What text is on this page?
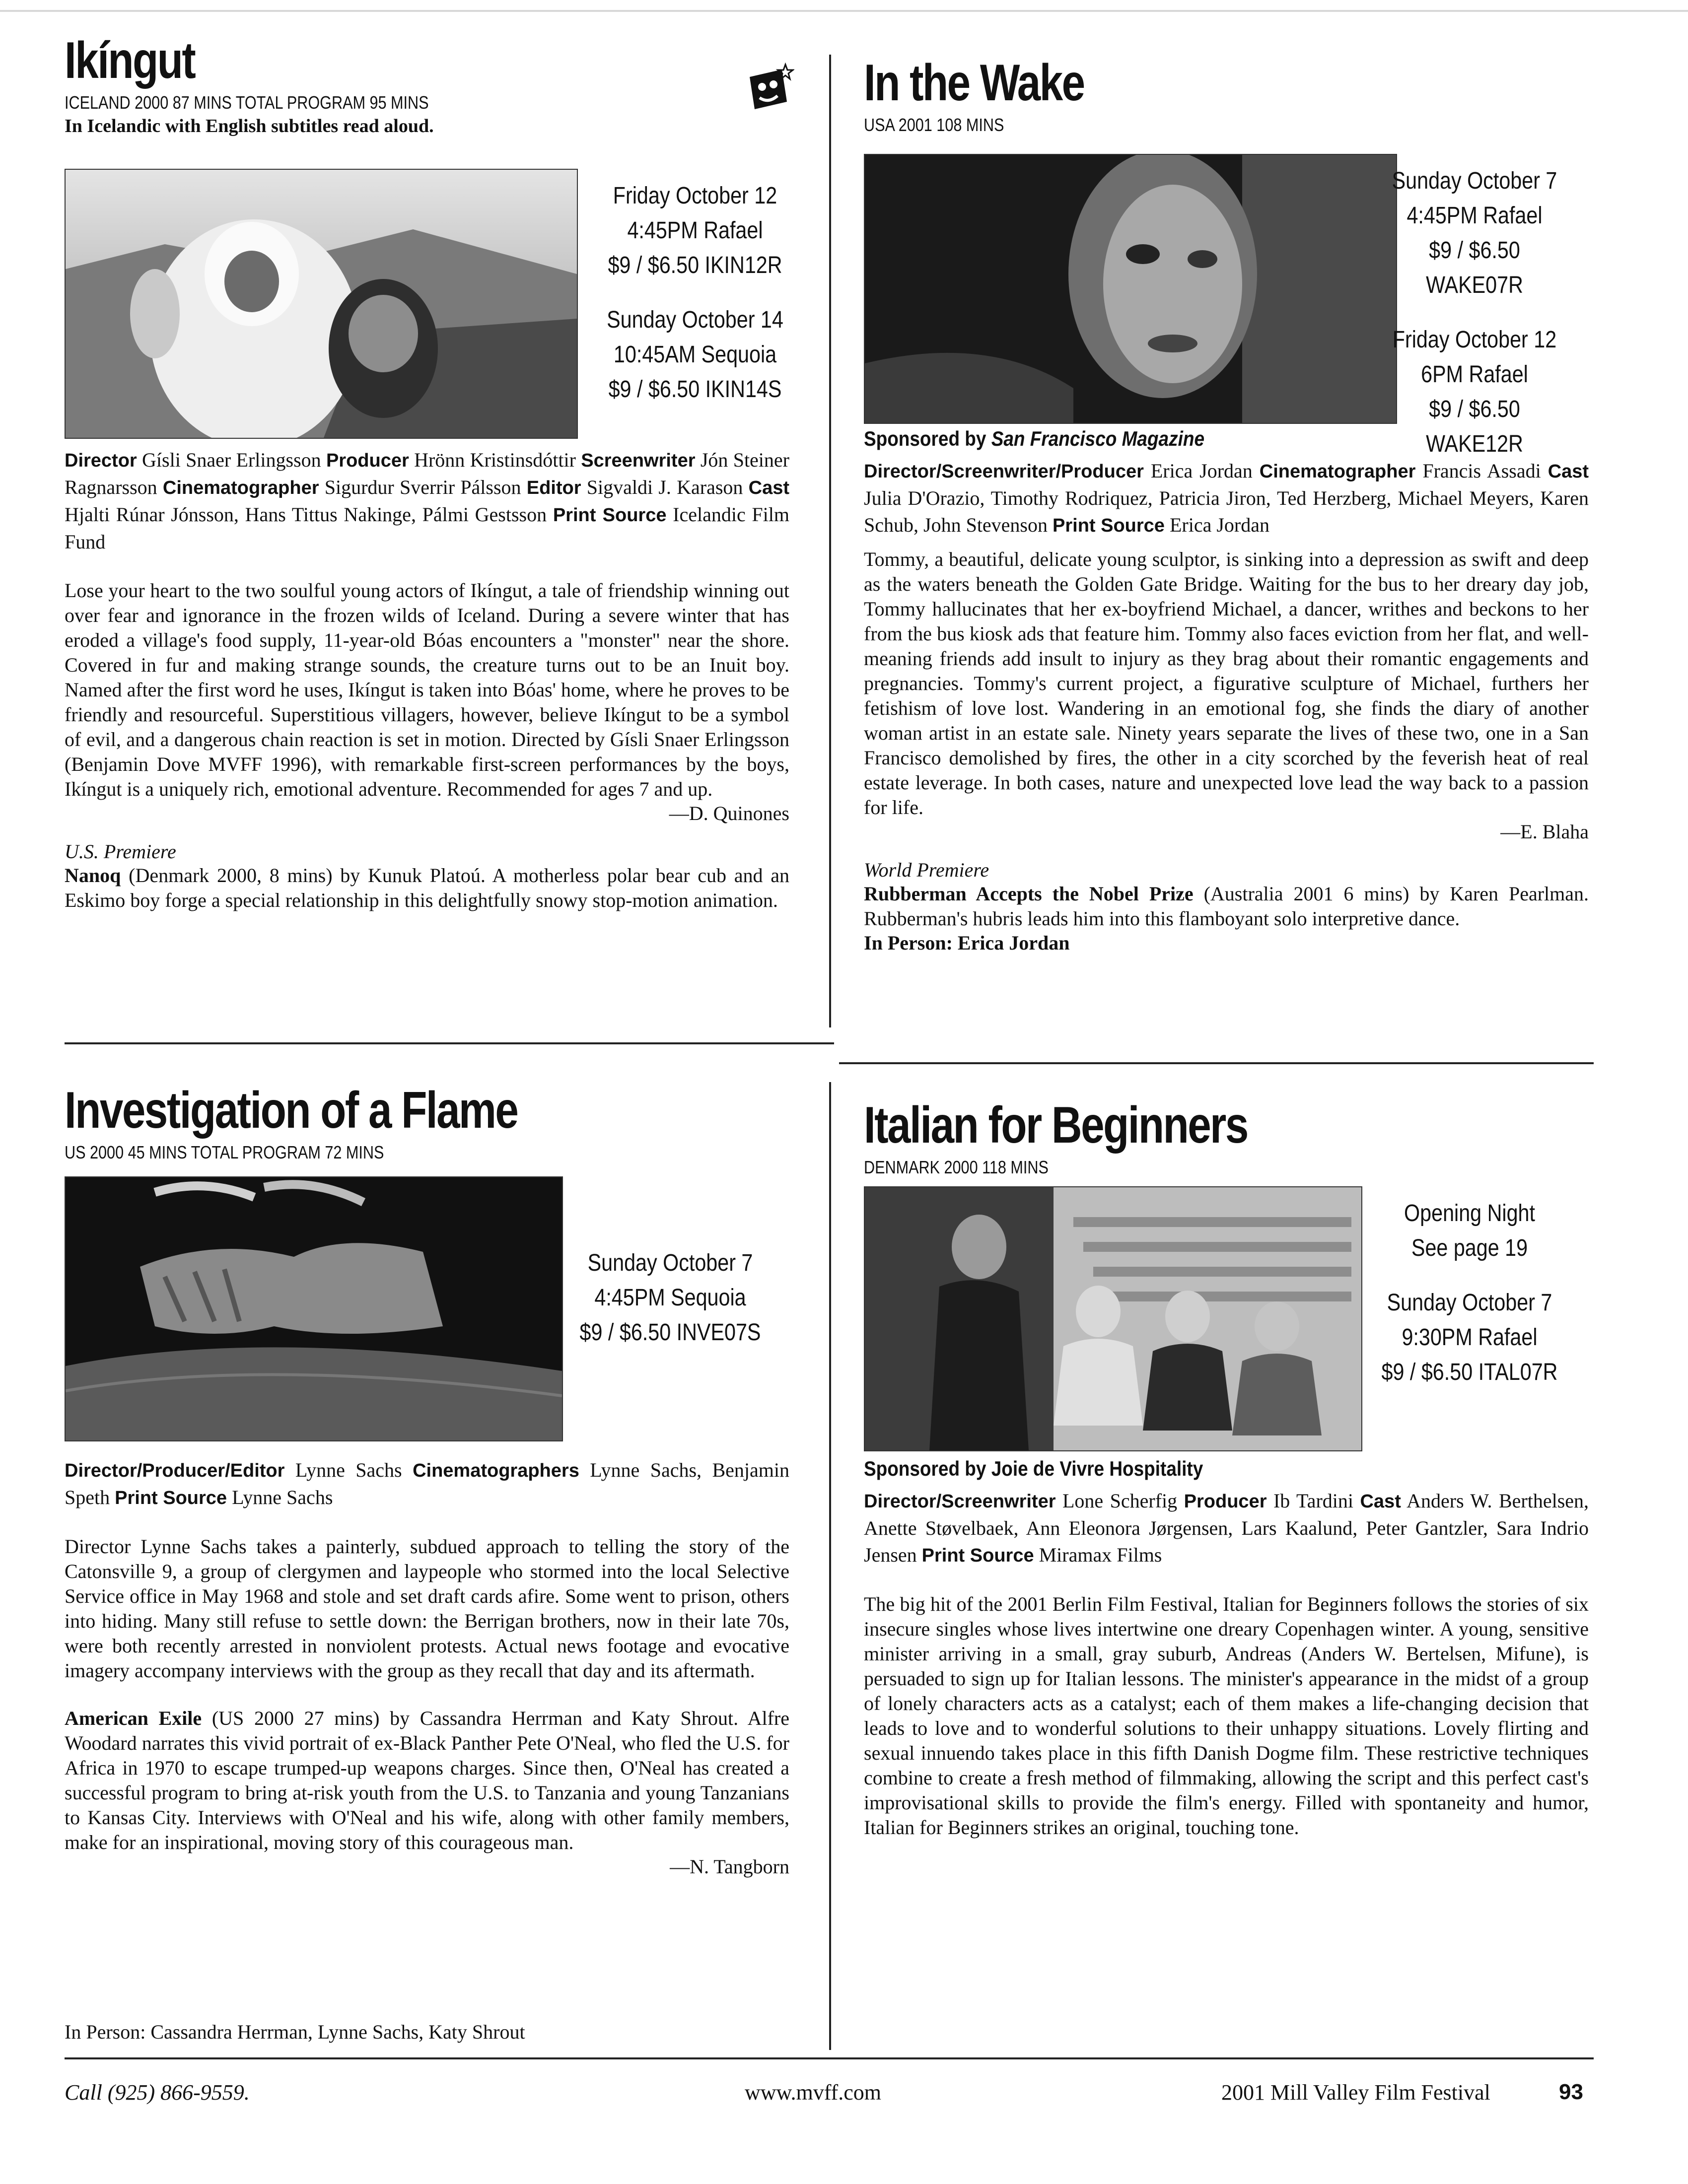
Ikíngut
ICELAND 2000 87 MINS TOTAL PROGRAM 95 MINS
In Icelandic with English subtitles read aloud.
Friday October 12
4:45PM Rafael
$9 / $6.50 IKIN12R
Sunday October 14
10:45AM Sequoia
$9 / $6.50 IKIN14S
Director Gísli Snaer Erlingsson Producer Hrönn Kristinsdóttir Screenwriter Jón Steiner Ragnarsson Cinematographer Sigurdur Sverrir Pálsson Editor Sigvaldi J. Karason Cast Hjalti Rúnar Jónsson, Hans Tittus Nakinge, Pálmi Gestsson Print Source Icelandic Film Fund

Lose your heart to the two soulful young actors of Ikíngut, a tale of friendship winning out over fear and ignorance in the frozen wilds of Iceland. During a severe winter that has eroded a village's food supply, 11-year-old Bóas encounters a "monster" near the shore. Covered in fur and making strange sounds, the creature turns out to be an Inuit boy. Named after the first word he uses, Ikíngut is taken into Bóas' home, where he proves to be friendly and resourceful. Superstitious villagers, however, believe Ikíngut to be a symbol of evil, and a dangerous chain reaction is set in motion. Directed by Gísli Snaer Erlingsson (Benjamin Dove MVFF 1996), with remarkable first-screen performances by the boys, Ikíngut is a uniquely rich, emotional adventure. Recommended for ages 7 and up.

—D. Quinones
U.S. Premiere
Nanoq (Denmark 2000, 8 mins) by Kunuk Platoú. A motherless polar bear cub and an Eskimo boy forge a special relationship in this delightfully snowy stop-motion animation.
In the Wake
USA 2001 108 MINS
Sunday October 7
4:45PM Rafael
$9 / $6.50 WAKE07R
Friday October 12
6PM Rafael
$9 / $6.50 WAKE12R
Sponsored by San Francisco Magazine
Director/Screenwriter/Producer Erica Jordan Cinematographer Francis Assadi Cast Julia D'Orazio, Timothy Rodriquez, Patricia Jiron, Ted Herzberg, Michael Meyers, Karen Schub, John Stevenson Print Source Erica Jordan

Tommy, a beautiful, delicate young sculptor, is sinking into a depression as swift and deep as the waters beneath the Golden Gate Bridge. Waiting for the bus to her dreary day job, Tommy hallucinates that her ex-boyfriend Michael, a dancer, writhes and beckons to her from the bus kiosk ads that feature him. Tommy also faces eviction from her flat, and well-meaning friends add insult to injury as they brag about their romantic engagements and pregnancies. Tommy's current project, a figurative sculpture of Michael, furthers her fetishism of love lost. Wandering in an emotional fog, she finds the diary of another woman artist in an estate sale. Ninety years separate the lives of these two, one in a San Francisco demolished by fires, the other in a city scorched by the feverish heat of real estate leverage. In both cases, nature and unexpected love lead the way back to a passion for life.

—E. Blaha
World Premiere
Rubberman Accepts the Nobel Prize (Australia 2001 6 mins) by Karen Pearlman. Rubberman's hubris leads him into this flamboyant solo interpretive dance.
In Person: Erica Jordan
Investigation of a Flame
US 2000 45 MINS TOTAL PROGRAM 72 MINS
Sunday October 7
4:45PM Sequoia
$9 / $6.50 INVE07S
Director/Producer/Editor Lynne Sachs Cinematographers Lynne Sachs, Benjamin Speth Print Source Lynne Sachs

Director Lynne Sachs takes a painterly, subdued approach to telling the story of the Catonsville 9, a group of clergymen and laypeople who stormed into the local Selective Service office in May 1968 and stole and set draft cards afire. Some went to prison, others into hiding. Many still refuse to settle down: the Berrigan brothers, now in their late 70s, were both recently arrested in nonviolent protests. Actual news footage and evocative imagery accompany interviews with the group as they recall that day and its aftermath.

American Exile (US 2000 27 mins) by Cassandra Herrman and Katy Shrout. Alfre Woodard narrates this vivid portrait of ex-Black Panther Pete O'Neal, who fled the U.S. for Africa in 1970 to escape trumped-up weapons charges. Since then, O'Neal has created a successful program to bring at-risk youth from the U.S. to Tanzania and young Tanzanians to Kansas City. Interviews with O'Neal and his wife, along with other family members, make for an inspirational, moving story of this courageous man.
—N. Tangborn
In Person: Cassandra Herrman, Lynne Sachs, Katy Shrout
Italian for Beginners
DENMARK 2000 118 MINS
Opening Night
See page 19
Sunday October 7
9:30PM Rafael
$9 / $6.50 ITAL07R
Sponsored by Joie de Vivre Hospitality
Director/Screenwriter Lone Scherfig Producer Ib Tardini Cast Anders W. Berthelsen, Anette Støvelbaek, Ann Eleonora Jørgensen, Lars Kaalund, Peter Gantzler, Sara Indrio Jensen Print Source Miramax Films

The big hit of the 2001 Berlin Film Festival, Italian for Beginners follows the stories of six insecure singles whose lives intertwine one dreary Copenhagen winter. A young, sensitive minister arriving in a small, gray suburb, Andreas (Anders W. Bertelsen, Mifune), is persuaded to sign up for Italian lessons. The minister's appearance in the midst of a group of lonely characters acts as a catalyst; each of them makes a life-changing decision that leads to love and to wonderful solutions to their unhappy situations. Lovely flirting and sexual innuendo takes place in this fifth Danish Dogme film. These restrictive techniques combine to create a fresh method of filmmaking, allowing the script and this perfect cast's improvisational skills to provide the film's energy. Filled with spontaneity and humor, Italian for Beginners strikes an original, touching tone.

Call (925) 866-9559.	www.mvff.com	2001 Mill Valley Film Festival	93
